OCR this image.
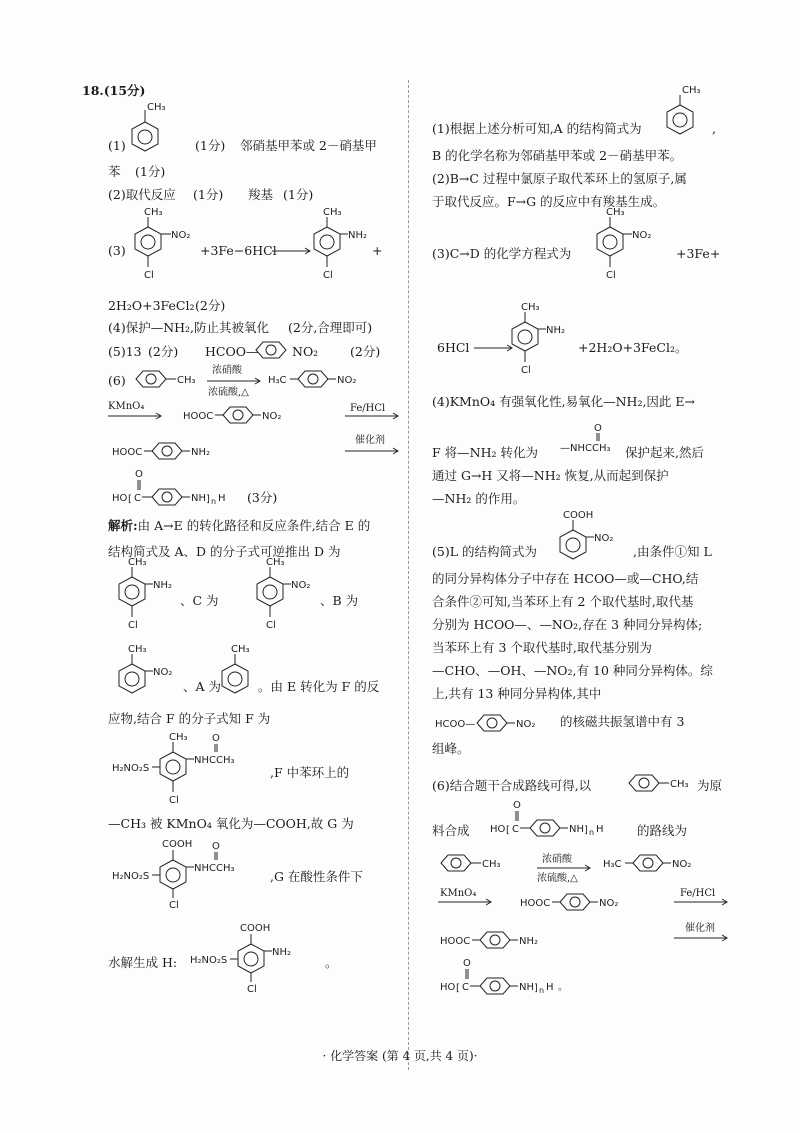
18.(15分)
(1)
CH₃
(1分) 邻硝基甲苯或 2－硝基甲
苯 (1分)
(2)取代反应 (1分) 羧基 (1分)
(3)
CH₃
NO₂
Cl
+3Fe−6HCl
CH₃
NH₂
Cl
+
2H₂O+3FeCl₂ (2分)
(4)保护—NH₂,防止其被氧化 (2分,合理即可)
(5)13 (2分) HCOO—	NO₂	(2分)
(6)	CH₃
浓硝酸
浓硫酸,△
H₃C	NO₂
KMnO₄
HOOC	NO₂
Fe/HCl
HOOC	NH₂
催化剂
HO [ C
O
NH ] n H (3分)
解析:由 A→E 的转化路径和反应条件,结合 E 的
结构简式及 A、D 的分子式可逆推出 D 为
CH₃
NH₂
Cl
、C 为
CH₃
NO₂
Cl
、B 为
CH₃
NO₂
、A 为
CH₃
。由 E 转化为 F 的反
应物,结合 F 的分子式知 F 为
H₂NO₂S
CH₃
NHCCH₃
O
Cl
,F 中苯环上的
—CH₃ 被 KMnO₄ 氧化为—COOH,故 G 为
H₂NO₂S
COOH
NHCCH₃
O
Cl
,G 在酸性条件下
水解生成 H: H₂NO₂S
COOH
NH₂
Cl
。
(1)根据上述分析可知,A 的结构简式为
CH₃
,
B 的化学名称为邻硝基甲苯或 2－硝基甲苯。
(2)B→C 过程中氯原子取代苯环上的氢原子,属
于取代反应。F→G 的反应中有羧基生成。
(3)C→D 的化学方程式为
CH₃
NO₂
Cl
+3Fe+
6HCl
CH₃
NH₂
Cl
+2H₂O+3FeCl₂。
(4)KMnO₄ 有强氧化性,易氧化—NH₂,因此 E→
F 将—NH₂ 转化为 —NHCCH₃
O
保护起来,然后
通过 G→H 又将—NH₂ 恢复,从而起到保护
—NH₂ 的作用。
(5)L 的结构简式为
COOH
NO₂
,由条件①知 L
的同分异构体分子中存在 HCOO—或—CHO,结
合条件②可知,当苯环上有 2 个取代基时,取代基
分别为 HCOO—、—NO₂,存在 3 种同分异构体;
当苯环上有 3 个取代基时,取代基分别为
—CHO、—OH、—NO₂,有 10 种同分异构体。综
上,共有 13 种同分异构体,其中
HCOO—	NO₂ 的核磁共振氢谱中有 3
组峰。
(6)结合题干合成路线可得,以	CH₃ 为原
料合成 HO [ C
O
NH ] n H	的路线为
CH₃	浓硝酸
浓硫酸,△
H₃C	NO₂
KMnO₄
HOOC	NO₂
Fe/HCl
HOOC	NH₂
催化剂
HO [ C
O
NH ] n H 。
· 化学答案 (第 4 页,共 4 页)·
